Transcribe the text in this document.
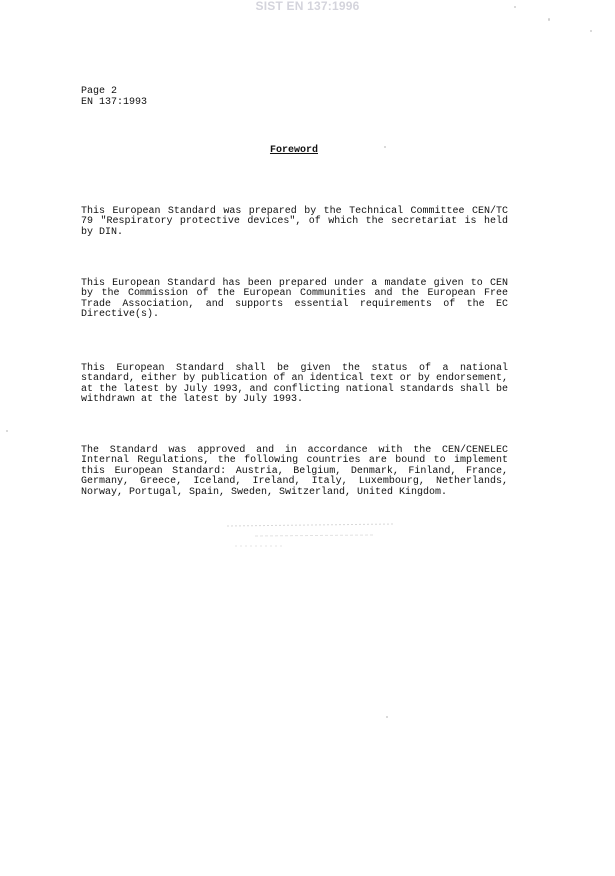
SIST EN 137:1996
Page 2
EN 137:1993
Foreword

This European Standard was prepared by the Technical Committee CEN/TC 79 "Respiratory protective devices", of which the secretariat is held by DIN.

This European Standard has been prepared under a mandate given to CEN by the Commission of the European Communities and the European Free Trade Association, and supports essential requirements of the EC Directive(s).

This European Standard shall be given the status of a national standard, either by publication of an identical text or by endorsement, at the latest by July 1993, and conflicting national standards shall be withdrawn at the latest by July 1993.

The Standard was approved and in accordance with the CEN/CENELEC Internal Regulations, the following countries are bound to implement this European Standard: Austria, Belgium, Denmark, Finland, France, Germany, Greece, Iceland, Ireland, Italy, Luxembourg, Netherlands, Norway, Portugal, Spain, Sweden, Switzerland, United Kingdom.
